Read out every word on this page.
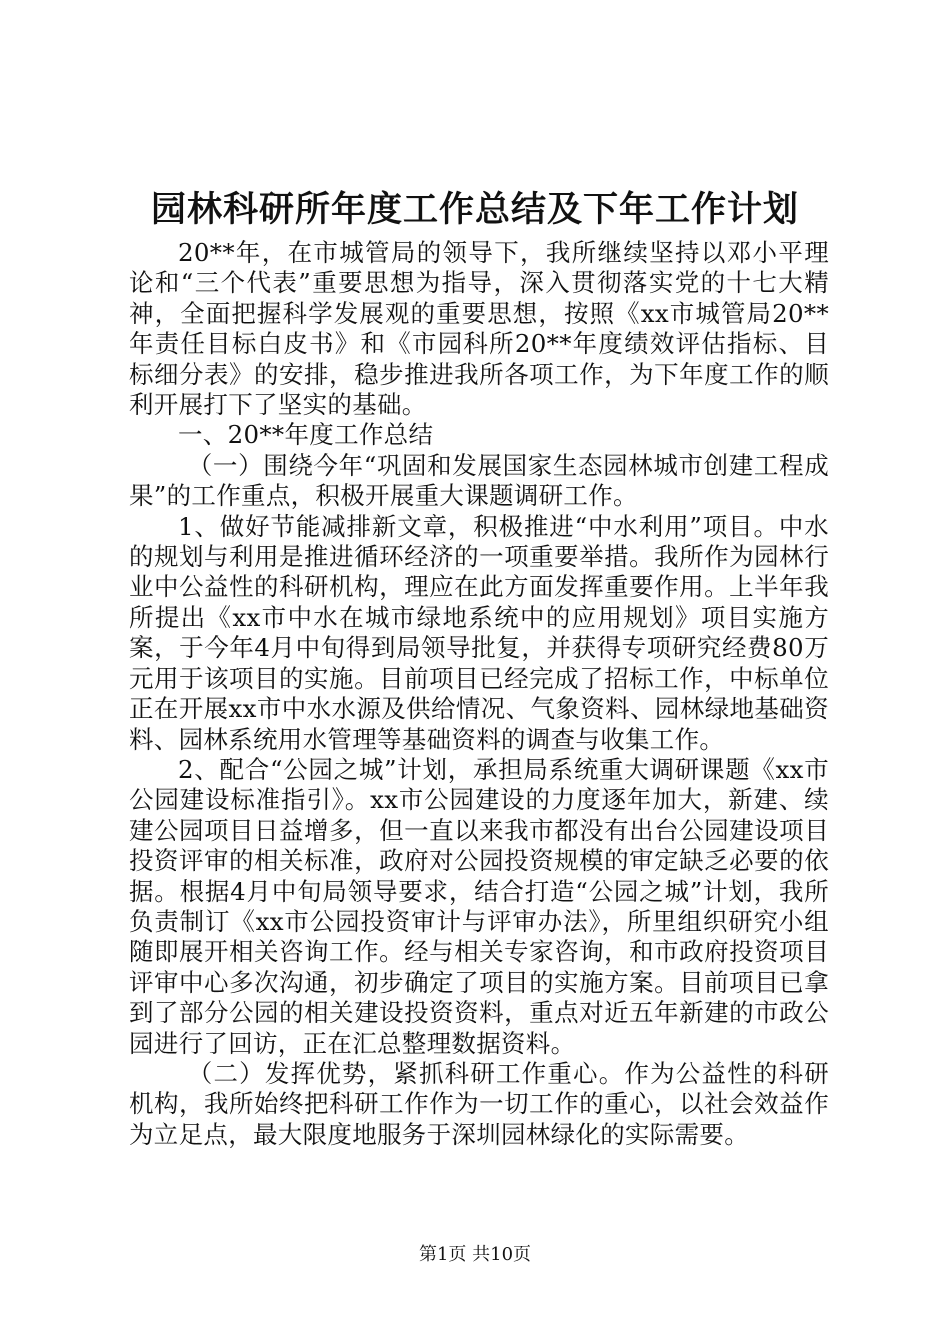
园林科研所年度工作总结及下年工作计划

20**年，在市城管局的领导下，我所继续坚持以邓小平理论和“三个代表”重要思想为指导，深入贯彻落实党的十七大精神，全面把握科学发展观的重要思想，按照《xx市城管局20**年责任目标白皮书》和《市园科所20**年度绩效评估指标、目标细分表》的安排，稳步推进我所各项工作，为下年度工作的顺利开展打下了坚实的基础。

一、20**年度工作总结

（一）围绕今年“巩固和发展国家生态园林城市创建工程成果”的工作重点，积极开展重大课题调研工作。

1、做好节能减排新文章，积极推进“中水利用”项目。中水的规划与利用是推进循环经济的一项重要举措。我所作为园林行业中公益性的科研机构，理应在此方面发挥重要作用。上半年我所提出《xx市中水在城市绿地系统中的应用规划》项目实施方案，于今年4月中旬得到局领导批复，并获得专项研究经费80万元用于该项目的实施。目前项目已经完成了招标工作，中标单位正在开展xx市中水水源及供给情况、气象资料、园林绿地基础资料、园林系统用水管理等基础资料的调查与收集工作。

2、配合“公园之城”计划，承担局系统重大调研课题《xx市公园建设标准指引》。xx市公园建设的力度逐年加大，新建、续建公园项目日益增多，但一直以来我市都没有出台公园建设项目投资评审的相关标准，政府对公园投资规模的审定缺乏必要的依据。根据4月中旬局领导要求，结合打造“公园之城”计划，我所负责制订《xx市公园投资审计与评审办法》，所里组织研究小组随即展开相关咨询工作。经与相关专家咨询，和市政府投资项目评审中心多次沟通，初步确定了项目的实施方案。目前项目已拿到了部分公园的相关建设投资资料，重点对近五年新建的市政公园进行了回访，正在汇总整理数据资料。

（二）发挥优势，紧抓科研工作重心。作为公益性的科研机构，我所始终把科研工作作为一切工作的重心，以社会效益作为立足点，最大限度地服务于深圳园林绿化的实际需要。

第1页 共10页
